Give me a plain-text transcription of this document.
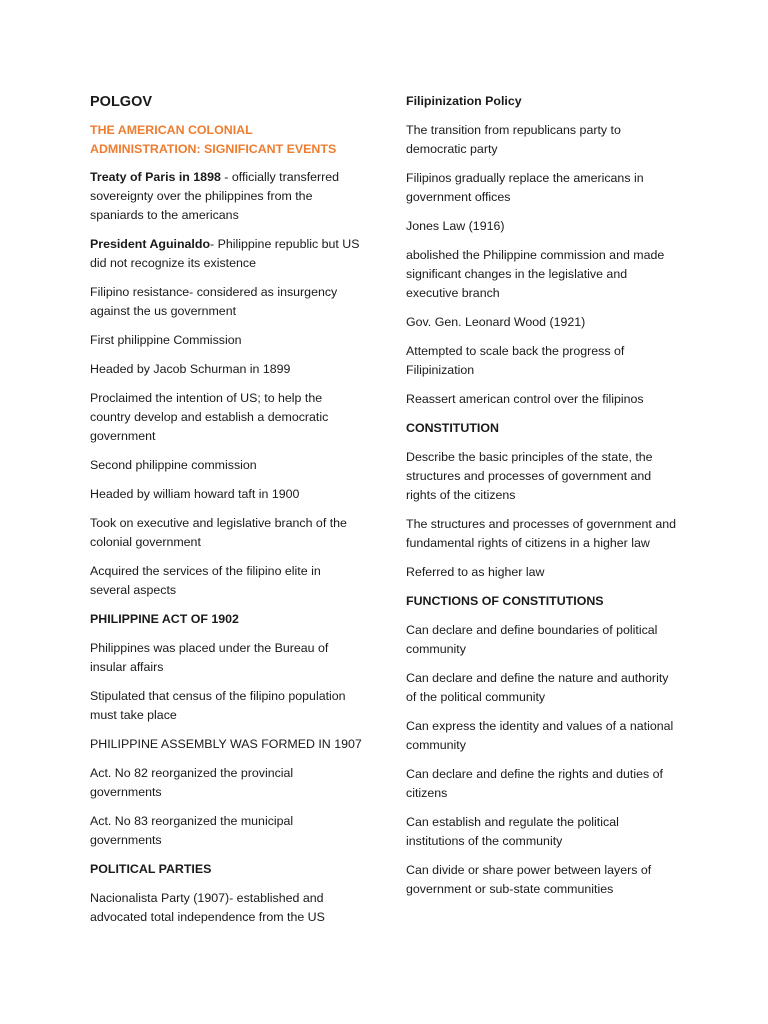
POLGOV

THE AMERICAN COLONIAL ADMINISTRATION: SIGNIFICANT EVENTS

Treaty of Paris in 1898 - officially transferred sovereignty over the philippines from the spaniards to the americans

President Aguinaldo- Philippine republic but US did not recognize its existence

Filipino resistance- considered as insurgency against the us government

First philippine Commission

Headed by Jacob Schurman in 1899

Proclaimed the intention of US; to help the country develop and establish a democratic government

Second philippine commission

Headed by william howard taft in 1900

Took on executive and legislative branch of the colonial government

Acquired the services of the filipino elite in several aspects

PHILIPPINE ACT OF 1902

Philippines was placed under the Bureau of insular affairs

Stipulated that census of the filipino population must take place

PHILIPPINE ASSEMBLY WAS FORMED IN 1907

Act. No 82 reorganized the provincial governments

Act. No 83 reorganized the municipal governments

POLITICAL PARTIES

Nacionalista Party (1907)- established and advocated total independence from the US

Filipinization Policy

The transition from republicans party to democratic party

Filipinos gradually replace the americans in government offices

Jones Law (1916)

abolished the Philippine commission and made significant changes in the legislative and executive branch

Gov. Gen. Leonard Wood (1921)

Attempted to scale back the progress of Filipinization

Reassert american control over the filipinos

CONSTITUTION

Describe the basic principles of the state, the structures and processes of government and rights of the citizens

The structures and processes of government and fundamental rights of citizens in a higher law

Referred to as higher law

FUNCTIONS OF CONSTITUTIONS

Can declare and define boundaries of political community

Can declare and define the nature and authority of the political community

Can express the identity and values of a national community

Can declare and define the rights and duties of citizens

Can establish and regulate the political institutions of the community

Can divide or share power between layers of government or sub-state communities
